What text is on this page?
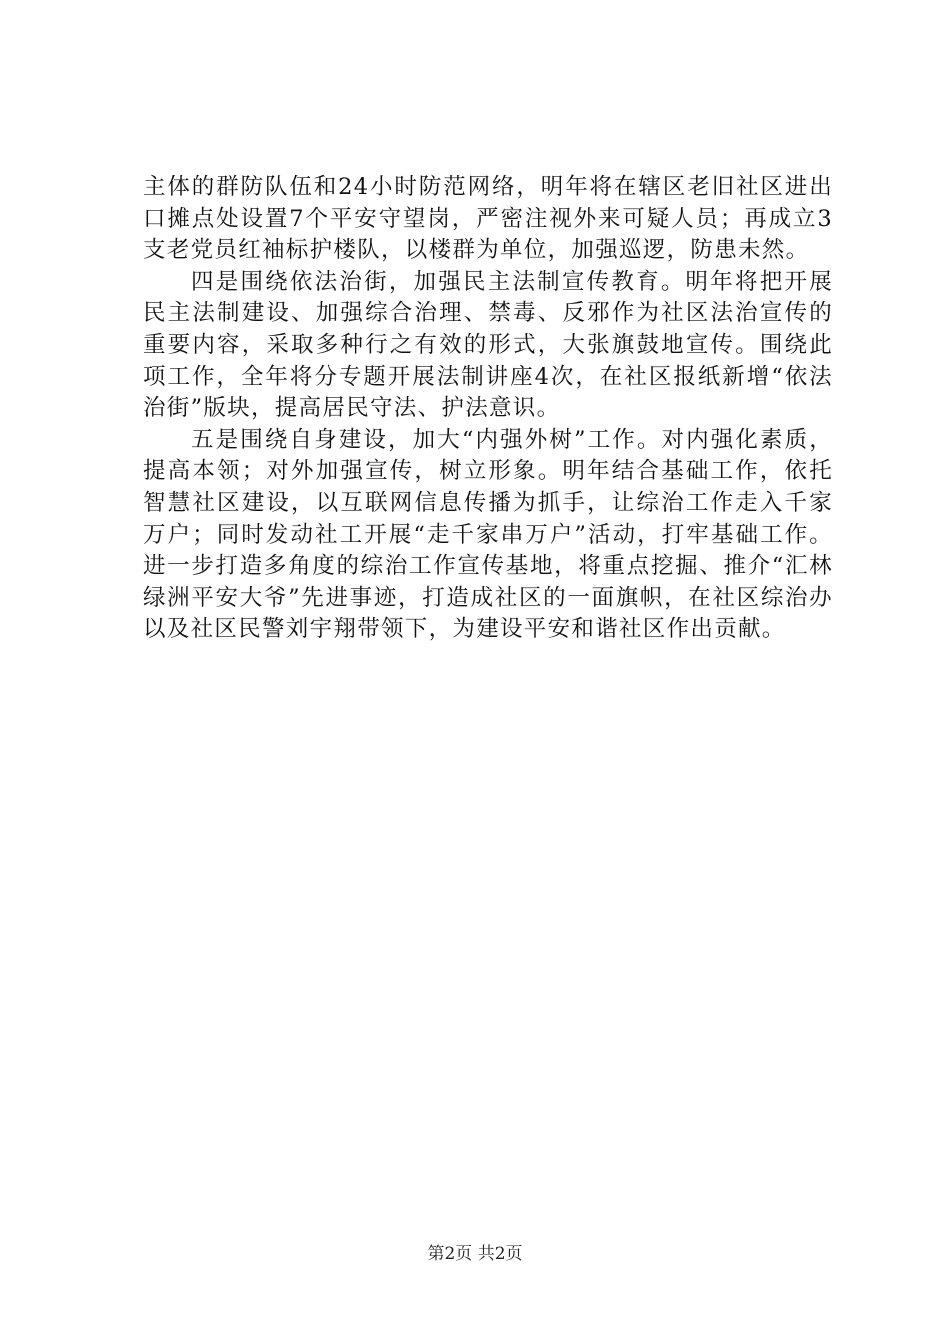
主体的群防队伍和24小时防范网络，明年将在辖区老旧社区进出口摊点处设置7个平安守望岗，严密注视外来可疑人员；再成立3支老党员红袖标护楼队，以楼群为单位，加强巡逻，防患未然。

四是围绕依法治街，加强民主法制宣传教育。明年将把开展民主法制建设、加强综合治理、禁毒、反邪作为社区法治宣传的重要内容，采取多种行之有效的形式，大张旗鼓地宣传。围绕此项工作，全年将分专题开展法制讲座4次，在社区报纸新增“依法治街”版块，提高居民守法、护法意识。

五是围绕自身建设，加大“内强外树”工作。对内强化素质，提高本领；对外加强宣传，树立形象。明年结合基础工作，依托智慧社区建设，以互联网信息传播为抓手，让综治工作走入千家万户；同时发动社工开展“走千家串万户”活动，打牢基础工作。进一步打造多角度的综治工作宣传基地，将重点挖掘、推介“汇林绿洲平安大爷”先进事迹，打造成社区的一面旗帜，在社区综治办以及社区民警刘宇翔带领下，为建设平安和谐社区作出贡献。

第2页 共2页
